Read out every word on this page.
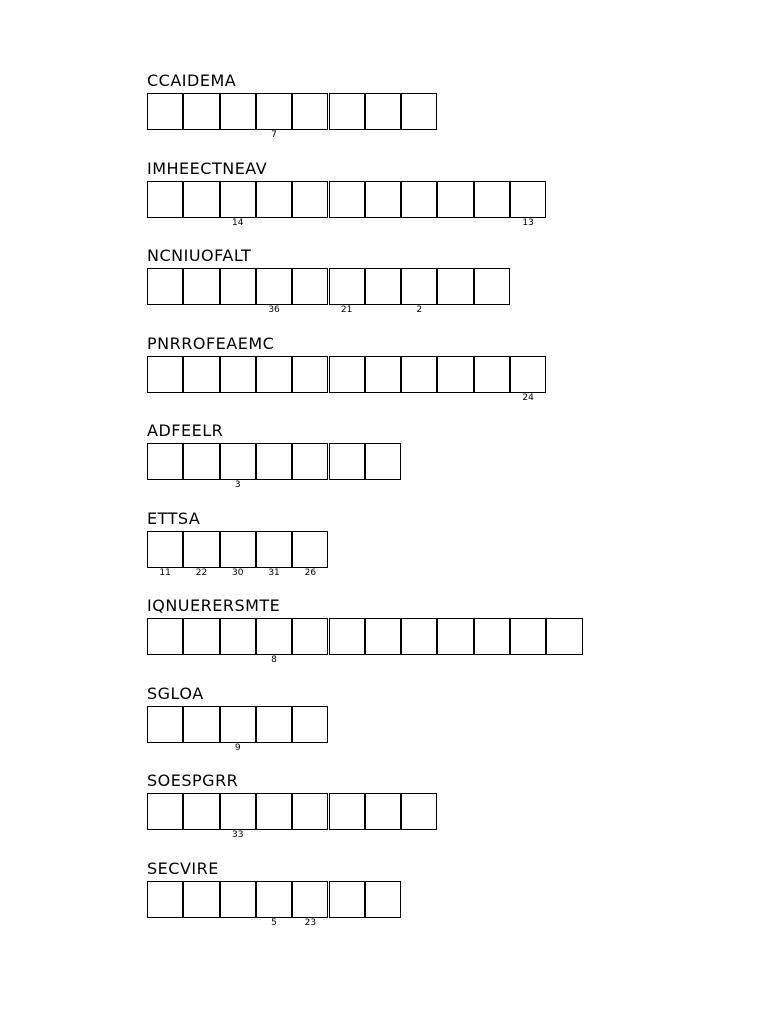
CCAIDEMA
7
IMHEECTNEAV
14	13
NCNIUOFALT
36	21	2
PNRROFEAEMC
24
ADFEELR
3
ETTSA
11	22	30	31	26
IQNUERERSMTE
8
SGLOA
9
SOESPGRR
33
SECVIRE
5	23
